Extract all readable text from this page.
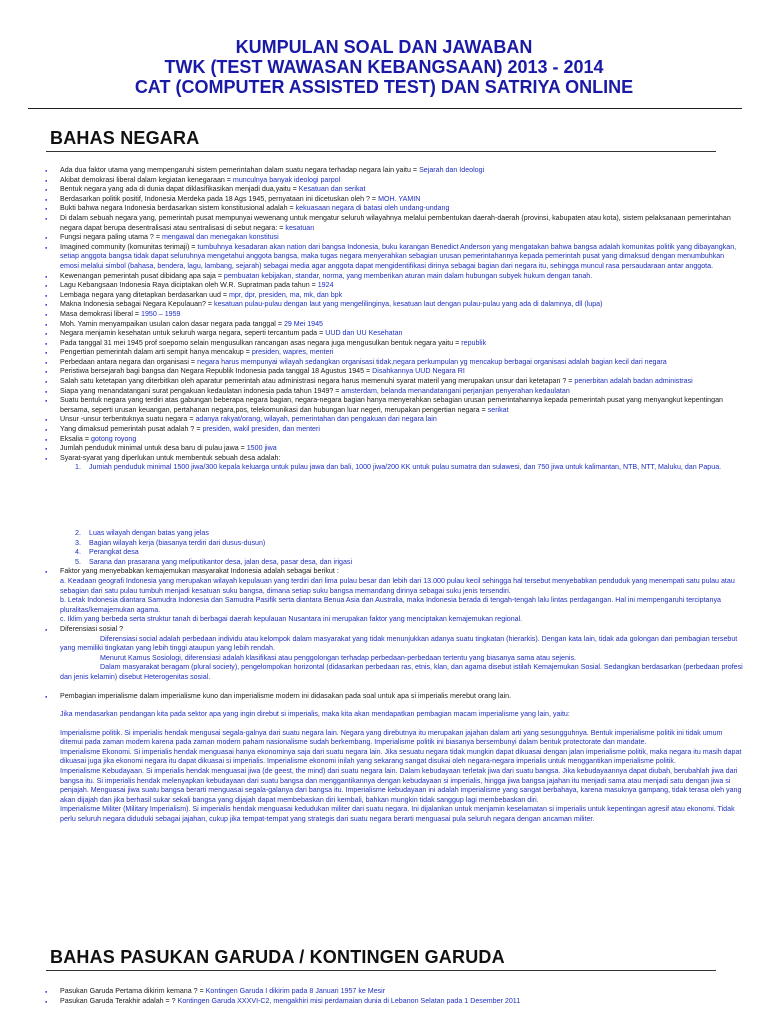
KUMPULAN SOAL DAN JAWABAN

TWK (TEST WAWASAN KEBANGSAAN) 2013 - 2014

CAT (COMPUTER ASSISTED TEST) DAN SATRIYA ONLINE

BAHAS NEGARA
● Ada dua faktor utama yang mempengaruhi sistem pemerintahan dalam suatu negara terhadap negara lain yaitu = Sejarah dan Ideologi
● Akibat demokrasi liberal dalam kegiatan kenegaraan = munculnya banyak ideologi parpol
● Bentuk negara yang ada di dunia dapat diklasifikasikan menjadi dua,yaitu = Kesatuan dan serikat
● Berdasarkan politik positif, Indonesia Merdeka pada 18 Ags 1945, pernyataan ini dicetuskan oleh ? = MOH. YAMIN
● Bukti bahwa negara Indonesia berdasarkan sistem konstitusional adalah = kekuasaan negara di batasi oleh undang-undang
● Di dalam sebuah negara yang, pemerintah pusat mempunyai wewenang untuk mengatur seluruh wilayahnya melalui pembentukan daerah-daerah (provinsi, kabupaten atau kota), sistem pelaksanaan pemerintahan negara dapat berupa desentralisasi atau sentralisasi di sebut negara: = kesatuan
● Fungsi negara paling utama ? = mengawal dan menegakan konstitusi
● Imagined community (komunitas terimaji) = tumbuhnya kesadaran akan nation dari bangsa Indonesia, buku karangan Benedict Anderson yang mengatakan bahwa bangsa adalah komunitas politik yang dibayangkan, setiap anggota bangsa tidak dapat seluruhnya mengetahui anggota bangsa, maka tugas negara menyerahkan sebagian urusan pemerintahannya kepada pemerintah pusat yang dimaksud dengan menumbuhkan emosi melalui simbol (bahasa, bendera, lagu, lambang, sejarah) sebagai media agar anggota dapat mengidentifikasi dirinya sebagai bagian dari negara itu, sehingga muncul rasa persaudaraan antar anggota.
● Kewenangan pemerintah pusat dibidang apa saja = pembuatan kebijakan, standar, norma, yang memberikan aturan main dalam hubungan subyek hukum dengan tanah.
● Lagu Kebangsaan Indonesia Raya diciptakan oleh W.R. Supratman pada tahun = 1924
● Lembaga negara yang ditetapkan berdasarkan uud = mpr, dpr, presiden, ma, mk, dan bpk
● Makna Indonesia sebagai Negara Kepulauan? = kesatuan pulau-pulau dengan laut yang mengelilinginya, kesatuan laut dengan pulau-pulau yang ada di dalamnya, dll (lupa)
● Masa demokrasi liberal = 1950 – 1959
● Moh. Yamin menyampaikan usulan calon dasar negara pada tanggal = 29 Mei 1945
● Negara menjamin kesehatan untuk seluruh warga negara, seperti tercantum pada = UUD dan UU Kesehatan
● Pada tanggal 31 mei 1945 prof soepomo selain mengusulkan rancangan asas negara juga mengusulkan bentuk negara yaitu = republik
● Pengertian pemerintah dalam arti sempit hanya mencakup = presiden, wapres, menteri
● Perbedaan antara negara dan organisasi = negara harus mempunyai wilayah sedangkan organisasi tidak,negara perkumpulan yg mencakup berbagai organisasi adalah bagian kecil dari negara
● Peristiwa bersejarah bagi bangsa dan Negara Republik Indonesia pada tanggal 18 Agustus 1945 = Disahkannya UUD Negara RI
● Salah satu ketetapan yang diterbitkan oleh aparatur pemerintah atau administrasi negara harus memenuhi syarat materil yang merupakan unsur dari ketetapan ? = penerbitan adalah badan administrasi
● Siapa yang menandatangani surat pengakuan kedaulatan indonesia pada tahun 1949? = amsterdam, belanda menandatangani perjanjian penyerahan kedaulatan
● Suatu bentuk negara yang terdiri atas gabungan beberapa negara bagian, negara-negara bagian hanya menyerahkan sebagian urusan pemerintahannya kepada pemerintah pusat yang menyangkut kepentingan bersama, seperti urusan keuangan, pertahanan negara,pos, telekomunikasi dan hubungan luar negeri, merupakan pengertian negara = serikat
● Unsur -unsur terbentuknya suatu negara = adanya rakyat/orang, wilayah, pemerintahan dan pengakuan dari negara lain
● Yang dimaksud pemerintah pusat adalah ? = presiden, wakil presiden, dan menteri
● Eksalia = gotong royong
● Jumlah penduduk minimal untuk desa baru di pulau jawa = 1500 jiwa
● Syarat-syarat yang diperlukan untuk membentuk sebuah desa adalah:
1.	Jumiah penduduk minimal 1500 jiwa/300 kepala keluarga untuk pulau jawa dan bali, 1000 jiwa/200 KK untuk pulau sumatra dan sulawesi, dan 750 jiwa untuk kalimantan, NTB, NTT, Maluku, dan Papua.
2.	Luas wilayah dengan batas yang jelas
3.	Bagian wilayah kerja (biasanya terdiri dari dusus-dusun)
4.	Perangkat desa
5.	Sarana dan prasarana yang meliputikantor desa, jalan desa, pasar desa, dan irigasi
● Faktor yang menyebabkan kemajemukan masyarakat Indonesia adalah sebagai berikut :
a. Keadaan geografi Indonesia yang merupakan wilayah kepulauan yang terdiri dari lima pulau besar dan lebih dari 13.000 pulau kecil sehingga hal tersebut menyebabkan penduduk yang menempati satu pulau atau sebagian dari satu pulau tumbuh menjadi kesatuan suku bangsa, dimana setiap suku bangsa memandang dirinya sebagai suku jenis tersendiri.
b. Letak Indonesia diantara Samudra Indonesia dan Samudra Pasifik serta diantara Benua Asia dan Australia, maka Indonesia berada di tengah-tengah lalu lintas perdagangan. Hal ini mempengaruhi terciptanya pluralitas/kemajemukan agama.
c. Iklim yang berbeda serta struktur tanah di berbagai daerah kepulauan Nusantara ini merupakan faktor yang menciptakan kemajemukan regional.
● Diferensiasi sosial ?
Diferensiasi social adalah perbedaan individu atau kelompok dalam masyarakat yang tidak menunjukkan adanya suatu tingkatan (hierarkis). Dengan kata lain, tidak ada golongan dari pembagian tersebut yang memiliki tingkatan yang lebih tinggi ataupun yang lebih rendah.
Menurut Kamus Sosiologi, diferensiasi adalah klasifikasi atau penggolongan terhadap perbedaan-perbedaan tertentu yang biasanya sama atau sejenis.
Dalam masyarakat beragam (plural society), pengelompokan horizontal (didasarkan perbedaan ras, etnis, klan, dan agama disebut istilah Kemajemukan Sosial. Sedangkan berdasarkan (perbedaan profesi dan jenis kelamin) disebut Heterogenitas sosial.
● Pembagian imperialisme dalam imperialisme kuno dan imperialisme modern ini didasakan pada soal untuk apa si imperialis merebut orang lain.
Jika mendasarkan pendangan kita pada sektor apa yang ingin direbut si imperialis, maka kita akan mendapatkan pembagian macam imperialisme yang lain, yaitu:
Imperialisme politik. Si imperialis hendak mengusai segala-galnya dari suatu negara lain. Negara yang direbutnya itu merupakan jajahan dalam arti yang sesungguhnya. Bentuk imperialisme politik ini tidak umum ditemui pada zaman modern karena pada zaman modern paham nasionalisme sudah berkembang. Imperialisme politik ini biasanya bersembunyi dalam bentuk protectorate dan mandate.
Imperialisme Ekonomi. Si imperialis hendak menguasai hanya ekonominya saja dari suatu negara lain. Jika sesuatu negara tidak mungkin dapat dikuasai dengan jalan imperialisme politik, maka negara itu masih dapat dikuasai juga jika ekonomi negara itu dapat dikuasai si imperialis. Imperialisme ekonomi inilah yang sekarang sangat disukai oleh negara-negara imperialis untuk menggantikan imperialisme politik.
Imperialisme Kebudayaan. Si imperialis hendak menguasai jiwa (de geest, the mind) dari suatu negara lain. Dalam kebudayaan terletak jiwa dari suatu bangsa. Jika kebudayaannya dapat diubah, berubahlah jiwa dari bangsa itu. Si imperialis hendak melenyapkan kebudayaan dari suatu bangsa dan menggantikannya dengan kebudayaan si imperialis, hingga jiwa bangsa jajahan itu menjadi sama atau menjadi satu dengan jiwa si penjajah. Menguasai jiwa suatu bangsa berarti menguasai segala-galanya dari bangsa itu. Imperialisme kebudayaan ini adalah imperialisme yang sangat berbahaya, karena masuknya gampang, tidak terasa oleh yang akan dijajah dan jika berhasil sukar sekali bangsa yang dijajah dapat membebaskan diri kembali, bahkan mungkin tidak sanggup lagi membebaskan diri.
Imperialisme Militer (Military Imperialism). Si imperialis hendak menguasai kedudukan militer dari suatu negara. Ini dijalankan untuk menjamin keselamatan si imperialis untuk kepentingan agresif atau ekonomi. Tidak perlu seluruh negara diduduki sebagai jajahan, cukup jika tempat-tempat yang strategis dari suatu negara berarti menguasai pula seluruh negara dengan ancaman militer.
BAHAS PASUKAN GARUDA / KONTINGEN GARUDA
● Pasukan Garuda Pertama dikirim kemana ? = Kontingen Garuda I dikirim pada 8 Januari 1957 ke Mesir
● Pasukan Garuda Terakhir adalah = ? Kontingen Garuda XXXVI-C2, mengakhiri misi perdamaian dunia di Lebanon Selatan pada 1 Desember 2011
